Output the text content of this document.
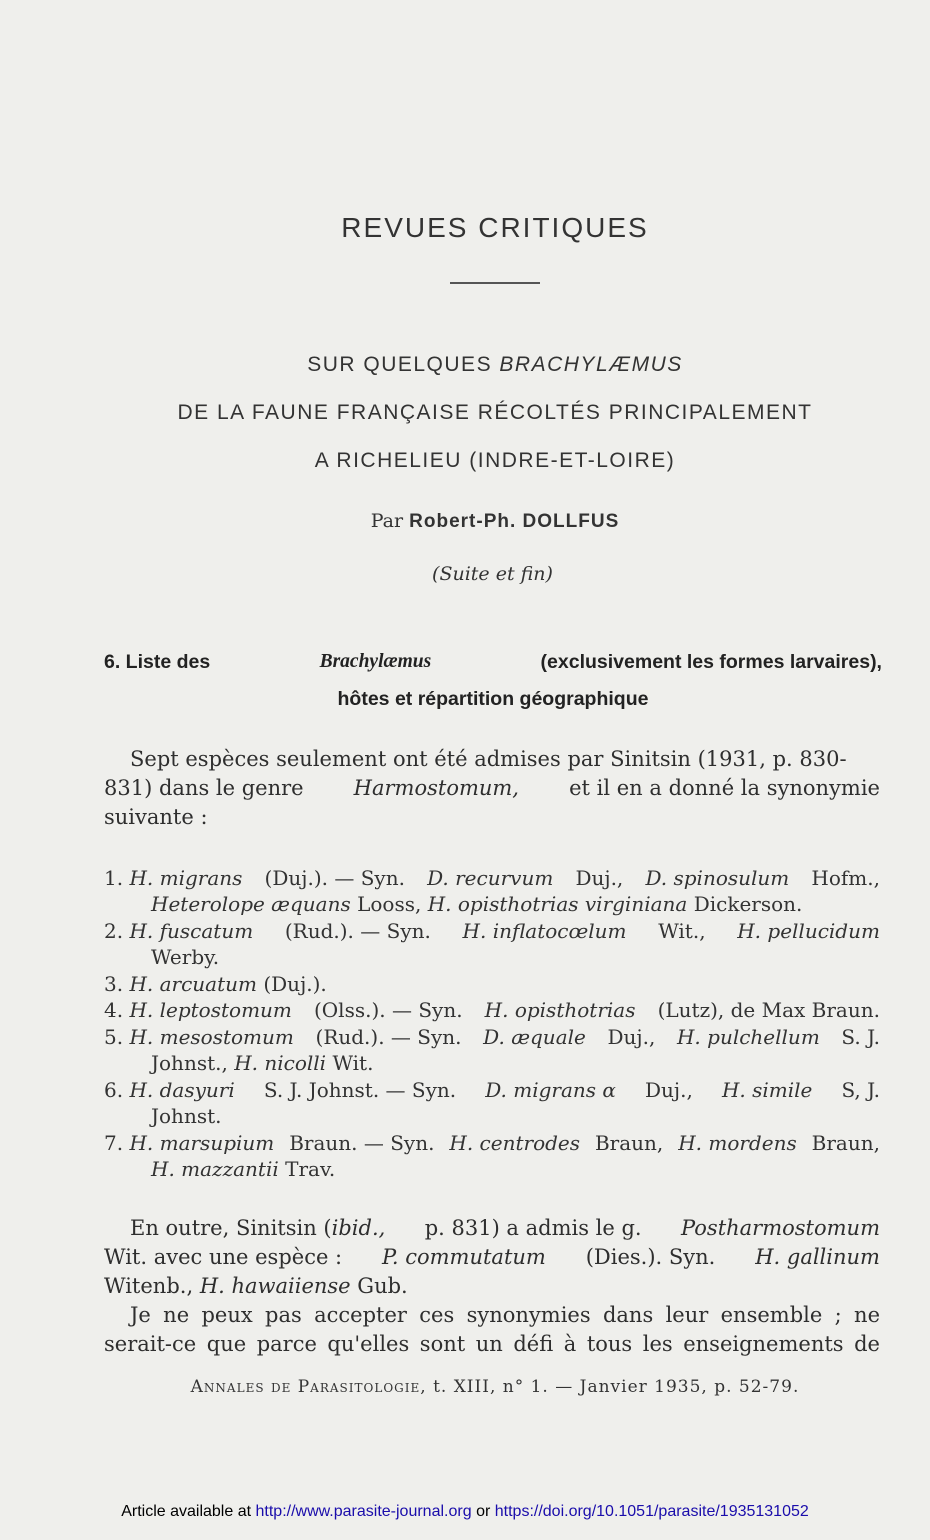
REVUES CRITIQUES
SUR QUELQUES BRACHYLÆMUS
DE LA FAUNE FRANÇAISE RÉCOLTÉS PRINCIPALEMENT
A RICHELIEU (INDRE-ET-LOIRE)
Par Robert-Ph. DOLLFUS
(Suite et fin)
6. Liste des	Brachylæmus	(exclusivement les formes larvaires),
hôtes et répartition géographique
Sept espèces seulement ont été admises par Sinitsin (1931, p. 830-
831) dans le genre Harmostomum, et il en a donné la synonymie
suivante :
1. H. migrans (Duj.). — Syn. D. recurvum Duj., D. spinosulum Hofm.,
Heterolope æquans Looss, H. opisthotrias virginiana Dickerson.
2. H. fuscatum (Rud.). — Syn. H. inflatocœlum Wit., H. pellucidum
Werby.
3. H. arcuatum (Duj.).
4. H. leptostomum (Olss.). — Syn. H. opisthotrias (Lutz), de Max Braun.
5. H. mesostomum (Rud.). — Syn. D. æquale Duj., H. pulchellum S. J.
Johnst., H. nicolli Wit.
6. H. dasyuri S. J. Johnst. — Syn. D. migrans α Duj., H. simile S, J.
Johnst.
7. H. marsupium Braun. — Syn. H. centrodes Braun, H. mordens Braun,
H. mazzantii Trav.
En outre, Sinitsin (ibid., p. 831) a admis le g. Postharmostomum
Wit. avec une espèce : P. commutatum (Dies.). Syn. H. gallinum
Witenb., H. hawaiiense Gub.
Je ne peux pas accepter ces synonymies dans leur ensemble ; ne
serait-ce que parce qu'elles sont un défi à tous les enseignements de
Annales de Parasitologie, t. XIII, n° 1. — Janvier 1935, p. 52-79.
Article available at http://www.parasite-journal.org or https://doi.org/10.1051/parasite/1935131052
